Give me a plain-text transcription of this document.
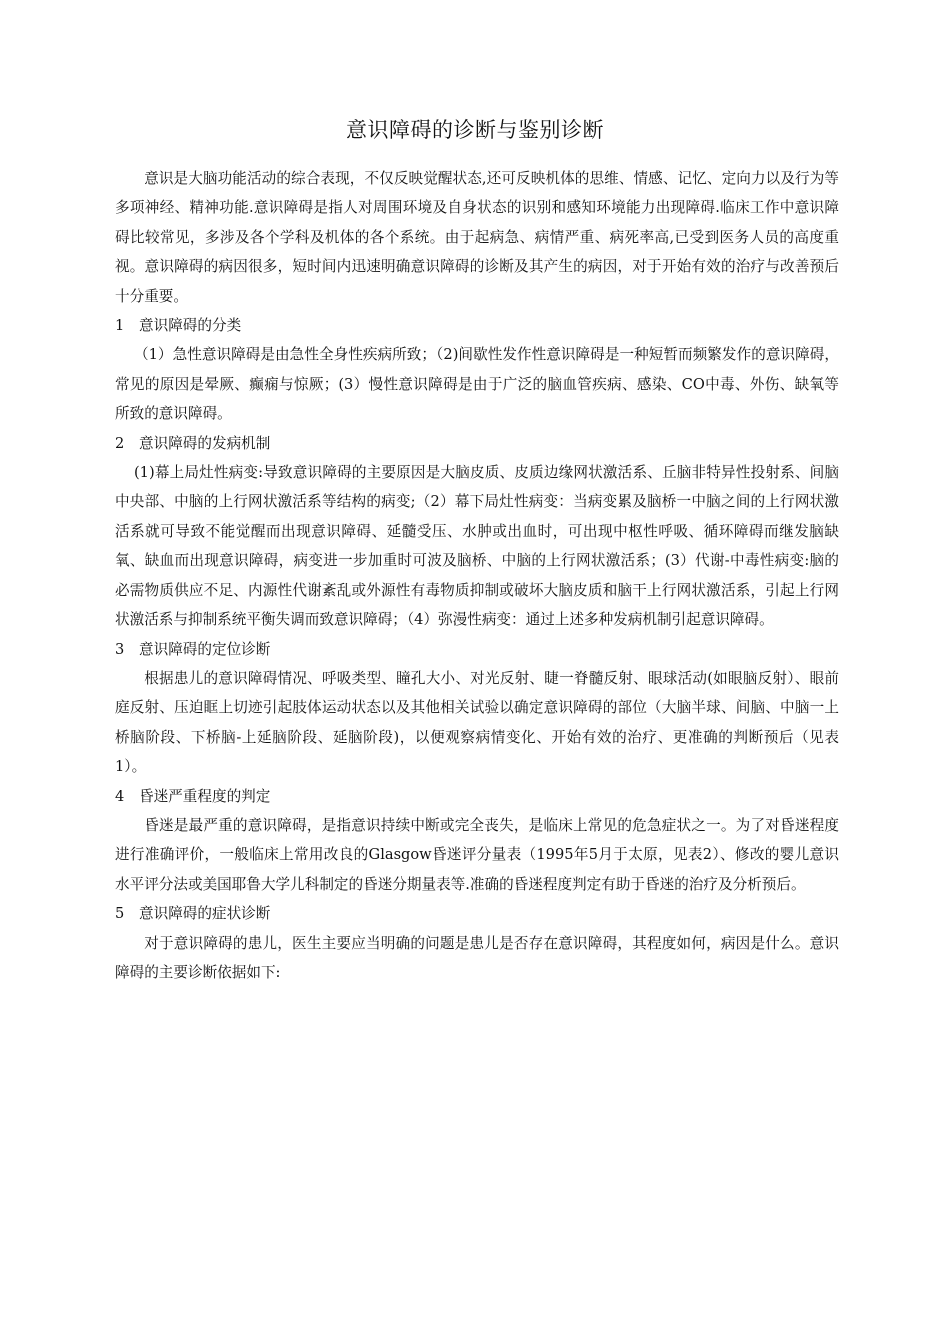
意识障碍的诊断与鉴别诊断

意识是大脑功能活动的综合表现，不仅反映觉醒状态,还可反映机体的思维、情感、记忆、定向力以及行为等多项神经、精神功能.意识障碍是指人对周围环境及自身状态的识别和感知环境能力出现障碍.临床工作中意识障碍比较常见，多涉及各个学科及机体的各个系统。由于起病急、病情严重、病死率高,已受到医务人员的高度重视。意识障碍的病因很多，短时间内迅速明确意识障碍的诊断及其产生的病因，对于开始有效的治疗与改善预后十分重要。

1	意识障碍的分类

（1）急性意识障碍是由急性全身性疾病所致；（2)间歇性发作性意识障碍是一种短暂而频繁发作的意识障碍，常见的原因是晕厥、癫痫与惊厥；(3）慢性意识障碍是由于广泛的脑血管疾病、感染、CO中毒、外伤、缺氧等所致的意识障碍。

2	意识障碍的发病机制

(1)幕上局灶性病变:导致意识障碍的主要原因是大脑皮质、皮质边缘网状激活系、丘脑非特异性投射系、间脑中央部、中脑的上行网状激活系等结构的病变;（2）幕下局灶性病变：当病变累及脑桥一中脑之间的上行网状激活系就可导致不能觉醒而出现意识障碍、延髓受压、水肿或出血时，可出现中枢性呼吸、循环障碍而继发脑缺氧、缺血而出现意识障碍，病变进一步加重时可波及脑桥、中脑的上行网状激活系；(3）代谢-中毒性病变:脑的必需物质供应不足、内源性代谢紊乱或外源性有毒物质抑制或破坏大脑皮质和脑干上行网状激活系，引起上行网状激活系与抑制系统平衡失调而致意识障碍；（4）弥漫性病变：通过上述多种发病机制引起意识障碍。

3	意识障碍的定位诊断

根据患儿的意识障碍情况、呼吸类型、瞳孔大小、对光反射、睫一脊髓反射、眼球活动(如眼脑反射）、眼前庭反射、压迫眶上切迹引起肢体运动状态以及其他相关试验以确定意识障碍的部位（大脑半球、间脑、中脑一上桥脑阶段、下桥脑-上延脑阶段、延脑阶段)，以便观察病情变化、开始有效的治疗、更准确的判断预后（见表1）。

4	昏迷严重程度的判定

昏迷是最严重的意识障碍，是指意识持续中断或完全丧失，是临床上常见的危急症状之一。为了对昏迷程度进行准确评价，一般临床上常用改良的Glasgow昏迷评分量表（1995年5月于太原，见表2）、修改的婴儿意识水平评分法或美国耶鲁大学儿科制定的昏迷分期量表等.准确的昏迷程度判定有助于昏迷的治疗及分析预后。

5	意识障碍的症状诊断

对于意识障碍的患儿，医生主要应当明确的问题是患儿是否存在意识障碍，其程度如何，病因是什么。意识障碍的主要诊断依据如下:
